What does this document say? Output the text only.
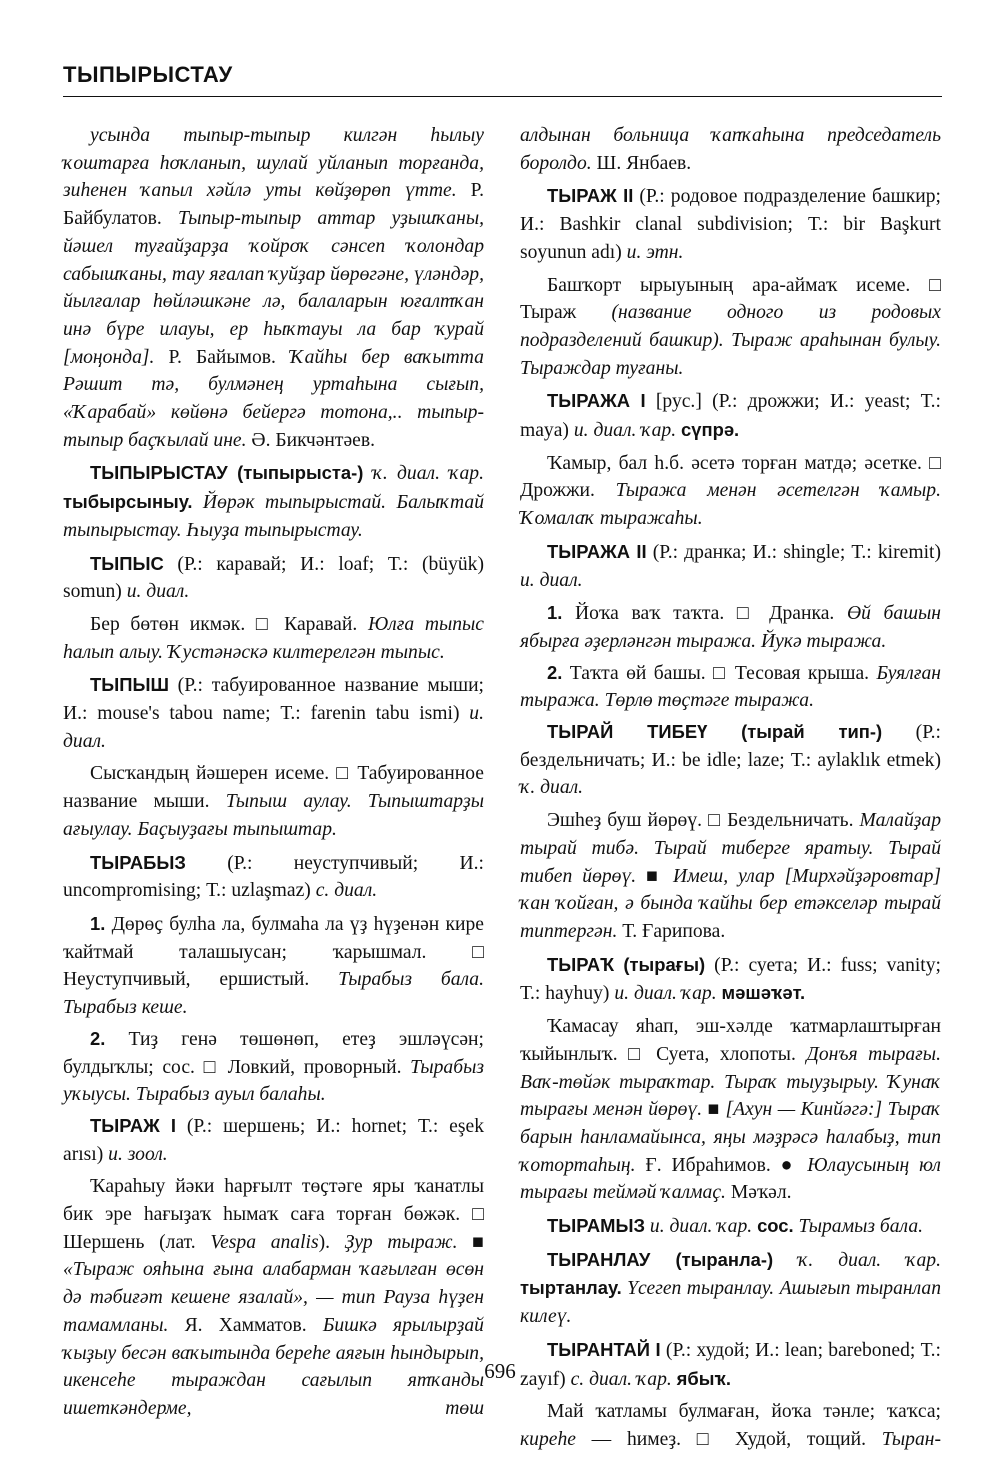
ТЫПЫРЫСТАУ

усында тыпыр-тыпыр килгән һылыу ҡоштарға һоҡланып, шулай уйланып торғанда, зиһенен ҡапыл хәйлә уты көйҙөрөп үтте. Р. Байбулатов. Тыпыр-тыпыр аттар уҙышҡаны, йәшел туғайҙарҙа ҡойроҡ сәнсеп ҡолондар сабышҡаны, тау яғалап ҡуйҙар йөрөгәне, үләндәр, йылғалар һөйләшкәне лә, балаларын юғалтҡан инә бүре илауы, ер һыҡтауы ла бар ҡурай [моңонда]. Р. Байымов. Ҡайһы бер ваҡытта Рәшит тә, булмәнең уртаһына сығып, «Ҡарабай» көйөнә бейергә тотона,.. тыпыр-тыпыр баҫҡылай ине. Ә. Бикчәнтәев.

ТЫПЫРЫСТАУ (тыпырыста-) ҡ. диал. ҡар. тыбырсыныу. Йөрәк тыпырыстай. Балыҡтай тыпырыстау. Һыуҙа тыпырыстау.

ТЫПЫС (Р.: каравай; И.: loaf; Т.: (büyük) somun) и. диал.

Бер бөтөн икмәк. □ Каравай. Юлға тыпыс һалып алыу. Ҡустәнәскә килтерелгән тыпыс.

ТЫПЫШ (Р.: табуированное название мыши; И.: mouse's tabou name; Т.: farenin tabu ismi) и. диал.

Сысҡандың йәшерен исеме. □ Табуированное название мыши. Тыпыш аулау. Тыпыштарҙы ағыулау. Баҫыуҙағы тыпыштар.

ТЫРАБЫЗ (Р.: неуступчивый; И.: uncompromising; Т.: uzlaşmaz) с. диал.

1. Дөрөҫ булһа ла, булмаһа ла үҙ һүҙенән кире ҡайтмай талашыусан; ҡарышмал. □ Неуступчивый, ершистый. Тырабыз бала. Тырабыз кеше.

2. Тиҙ генә төшөнөп, етеҙ эшләүсән; булдыҡлы; сос. □ Ловкий, проворный. Тырабыз уҡыусы. Тырабыз ауыл балаһы.

ТЫРАЖ I (Р.: шершень; И.: hornet; Т.: eşek arısı) и. зоол.

Ҡараһыу йәки һарғылт төҫтәге яры ҡанатлы бик эре һағыҙаҡ һымаҡ саға торған бөжәк. □ Шершень (лат. Vespa analis). Ҙур тыраж. ■ «Тыраж ояһына ғына алабарман ҡағылған өсөн дә тәбиғәт кешене язалай», — тип Рауза һүҙен тамамланы. Я. Хамматов. Бишкә ярылырҙай ҡыҙыу бесән ваҡытында береһе аяғын һындырып, икенсеһе тыраждан сағылып ятҡанды ишеткәндерме, төш

алдынан больница ҡапҡаһына председатель боролдо. Ш. Янбаев.

ТЫРАЖ II (Р.: родовое подразделение башкир; И.: Bashkir clanal subdivision; Т.: bir Başkurt soyunun adı) и. этн.

Башҡорт ырыуының ара-аймаҡ исеме. □ Тыраж (название одного из родовых подразделений башкир). Тыраж араһынан булыу. Тыраждар туғаны.

ТЫРАЖА I [рус.] (Р.: дрожжи; И.: yeast; Т.: maya) и. диал. ҡар. сүпрә.

Ҡамыр, бал һ.б. әсетә торған матдә; әсетке. □ Дрожжи. Тыража менән әсетелгән ҡамыр. Ҡомалаҡ тыражаһы.

ТЫРАЖА II (Р.: дранка; И.: shingle; Т.: kiremit) и. диал.

1. Йоҡа ваҡ таҡта. □ Дранка. Өй башын ябырға әҙерләнгән тыража. Йукә тыража.

2. Таҡта өй башы. □ Тесовая крыша. Буялған тыража. Төрлө төҫтәге тыража.

ТЫРАЙ ТИБЕҮ (тырай тип-) (Р.: бездельничать; И.: be idle; laze; Т.: aylaklık etmek) ҡ. диал.

Эшһеҙ буш йөрөү. □ Бездельничать. Малайҙар тырай тибә. Тырай тиберге яратыу. Тырай тибеп йөрөү. ■ Имеш, улар [Мирхәйҙәровтар] ҡан ҡойған, ә бында ҡайһы бер етәкселәр тырай типтергән. Т. Ғарипова.

ТЫРАҠ (тырағы) (Р.: суета; И.: fuss; vanity; Т.: hayhuy) и. диал. ҡар. мәшәҡәт.

Ҡамасау яһап, эш-хәлде ҡатмарлаштырған ҡыйынлыҡ. □ Суета, хлопоты. Донъя тырағы. Ваҡ-төйәк тыраҡтар. Тыраҡ тыуҙырыу. Ҡунаҡ тырағы менән йөрөү. ■ [Ахун — Кинйәгә:] Тыраҡ барын һанламайынса, яңы мәҙрәсә һалабыҙ, тип ҡотортаһың. Ғ. Ибраһимов. ● Юлаусының юл тырағы теймәй ҡалмаҫ. Мәҡәл.

ТЫРАМЫЗ и. диал. ҡар. сос. Тырамыз бала.

ТЫРАНЛАУ (тыранла-) ҡ. диал. ҡар. тыртанлау. Үсегеп тыранлау. Ашығып тыранлап килеү.

ТЫРАНТАЙ I (Р.: худой; И.: lean; bareboned; Т.: zayıf) с. диал. ҡар. ябыҡ.

Май ҡатламы булмаған, йоҡа тәнле; ҡаҡса; киреһе — һимеҙ. □ Худой, тощий. Тыран-

696
